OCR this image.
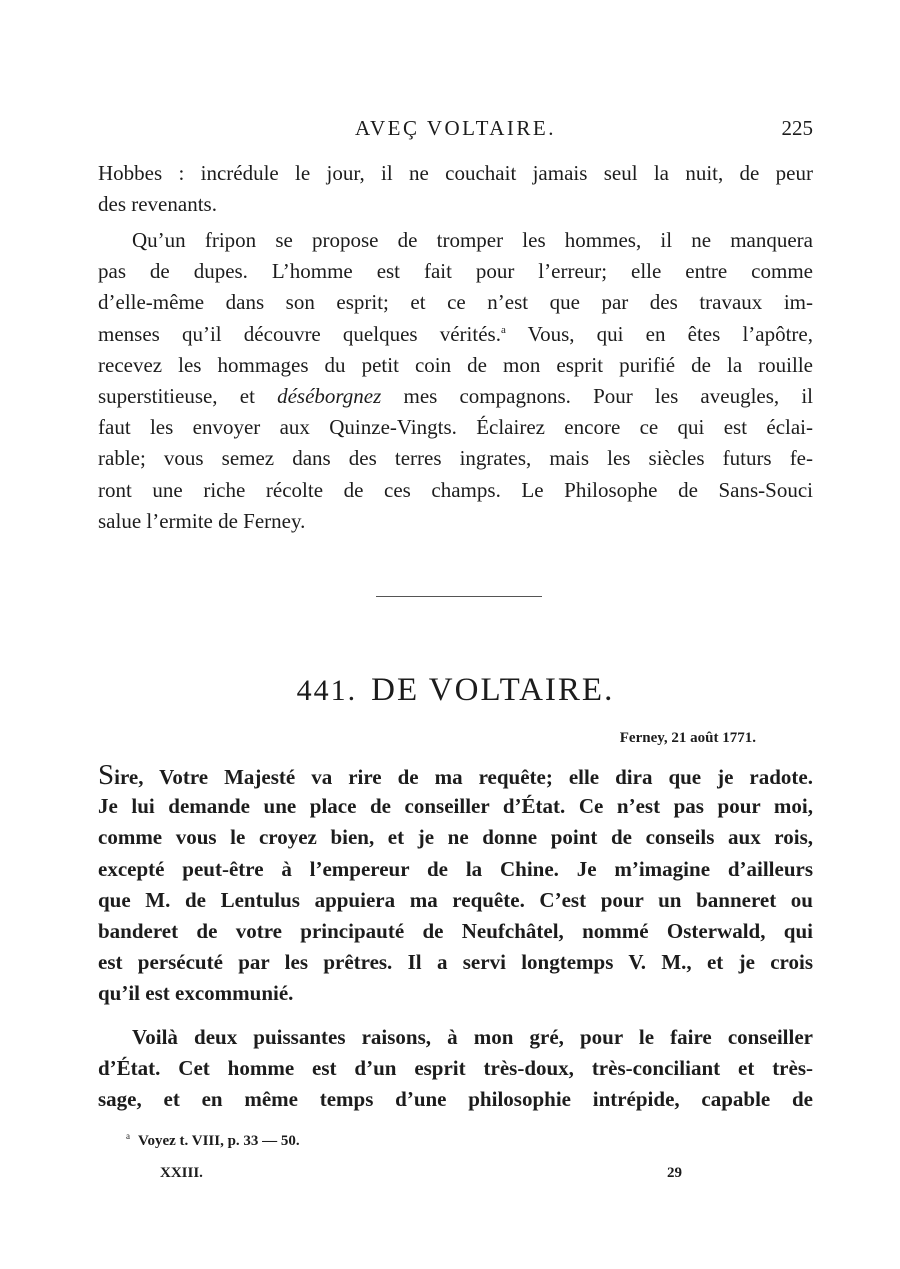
AVEÇ VOLTAIRE.	225
Hobbes : incrédule le jour, il ne couchait jamais seul la nuit, de peur
des revenants.
Qu’un fripon se propose de tromper les hommes, il ne manquera
pas de dupes. L’homme est fait pour l’erreur; elle entre comme
d’elle-même dans son esprit; et ce n’est que par des travaux im-
menses qu’il découvre quelques vérités.$^a$ Vous, qui en êtes l’apôtre,
recevez les hommages du petit coin de mon esprit purifié de la rouille
superstitieuse, et déséborgnez mes compagnons. Pour les aveugles, il
faut les envoyer aux Quinze-Vingts. Éclairez encore ce qui est éclai-
rable; vous semez dans des terres ingrates, mais les siècles futurs fe-
ront une riche récolte de ces champs. Le Philosophe de Sans-Souci
salue l’ermite de Ferney.
441. DE VOLTAIRE.
Ferney, 21 août 1771.
Sire, Votre Majesté va rire de ma requête; elle dira que je radote.
Je lui demande une place de conseiller d’État. Ce n’est pas pour moi,
comme vous le croyez bien, et je ne donne point de conseils aux rois,
excepté peut-être à l’empereur de la Chine. Je m’imagine d’ailleurs
que M. de Lentulus appuiera ma requête. C’est pour un banneret ou
banderet de votre principauté de Neufchâtel, nommé Osterwald, qui
est persécuté par les prêtres. Il a servi longtemps V. M., et je crois
qu’il est excommunié.
Voilà deux puissantes raisons, à mon gré, pour le faire conseiller
d’État. Cet homme est d’un esprit très-doux, très-conciliant et très-
sage, et en même temps d’une philosophie intrépide, capable de
$^a$ Voyez t. VIII, p. 33 — 50.
XXIII.	29
